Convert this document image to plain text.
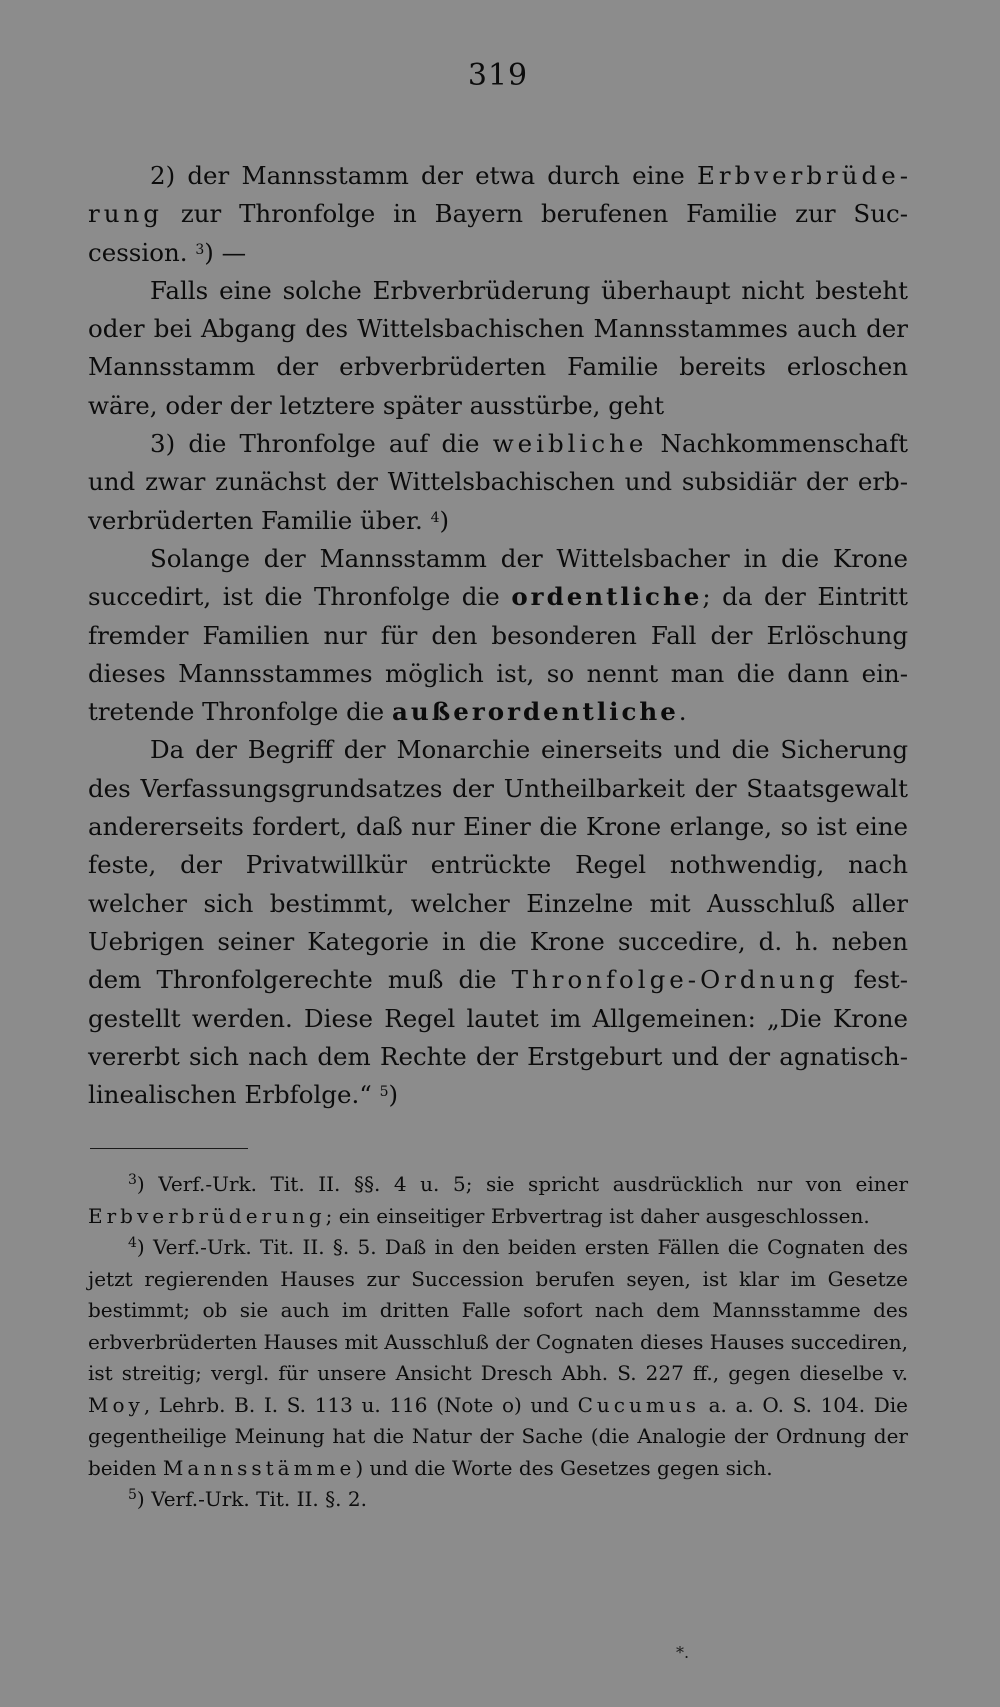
319

2) der Mannsstamm der etwa durch eine Erbverbrüderung zur Thronfolge in Bayern berufenen Familie zur Succession. $^3$) —

Falls eine solche Erbverbrüderung überhaupt nicht besteht oder bei Abgang des Wittelsbachischen Mannsstammes auch der Mannsstamm der erbverbrüderten Familie bereits erloschen wäre, oder der letztere später ausstürbe, geht

3) die Thronfolge auf die weibliche Nachkommenschaft und zwar zunächst der Wittelsbachischen und subsidiär der erbverbrüderten Familie über. $^4$)

Solange der Mannsstamm der Wittelsbacher in die Krone succedirt, ist die Thronfolge die ordentliche; da der Eintritt fremder Familien nur für den besonderen Fall der Erlöschung dieses Mannsstammes möglich ist, so nennt man die dann eintretende Thronfolge die außerordentliche.

Da der Begriff der Monarchie einerseits und die Sicherung des Verfassungsgrundsatzes der Untheilbarkeit der Staatsgewalt andererseits fordert, daß nur Einer die Krone erlange, so ist eine feste, der Privatwillkür entrückte Regel nothwendig, nach welcher sich bestimmt, welcher Einzelne mit Ausschluß aller Uebrigen seiner Kategorie in die Krone succedire, d. h. neben dem Thronfolgerechte muß die Thronfolge-Ordnung festgestellt werden. Diese Regel lautet im Allgemeinen: „Die Krone vererbt sich nach dem Rechte der Erstgeburt und der agnatisch-linealischen Erbfolge.“ $^5$)

$^3$) Verf.-Urk. Tit. II. §§. 4 u. 5; sie spricht ausdrücklich nur von einer Erbverbrüderung; ein einseitiger Erbvertrag ist daher ausgeschlossen.

$^4$) Verf.-Urk. Tit. II. §. 5. Daß in den beiden ersten Fällen die Cognaten des jetzt regierenden Hauses zur Succession berufen seyen, ist klar im Gesetze bestimmt; ob sie auch im dritten Falle sofort nach dem Mannsstamme des erbverbrüderten Hauses mit Ausschluß der Cognaten dieses Hauses succediren, ist streitig; vergl. für unsere Ansicht Dresch Abh. S. 227 ff., gegen dieselbe v. Moy, Lehrb. B. I. S. 113 u. 116 (Note o) und Cucumus a. a. O. S. 104. Die gegentheilige Meinung hat die Natur der Sache (die Analogie der Ordnung der beiden Mannsstämme) und die Worte des Gesetzes gegen sich.

$^5$) Verf.-Urk. Tit. II. §. 2.

*.
